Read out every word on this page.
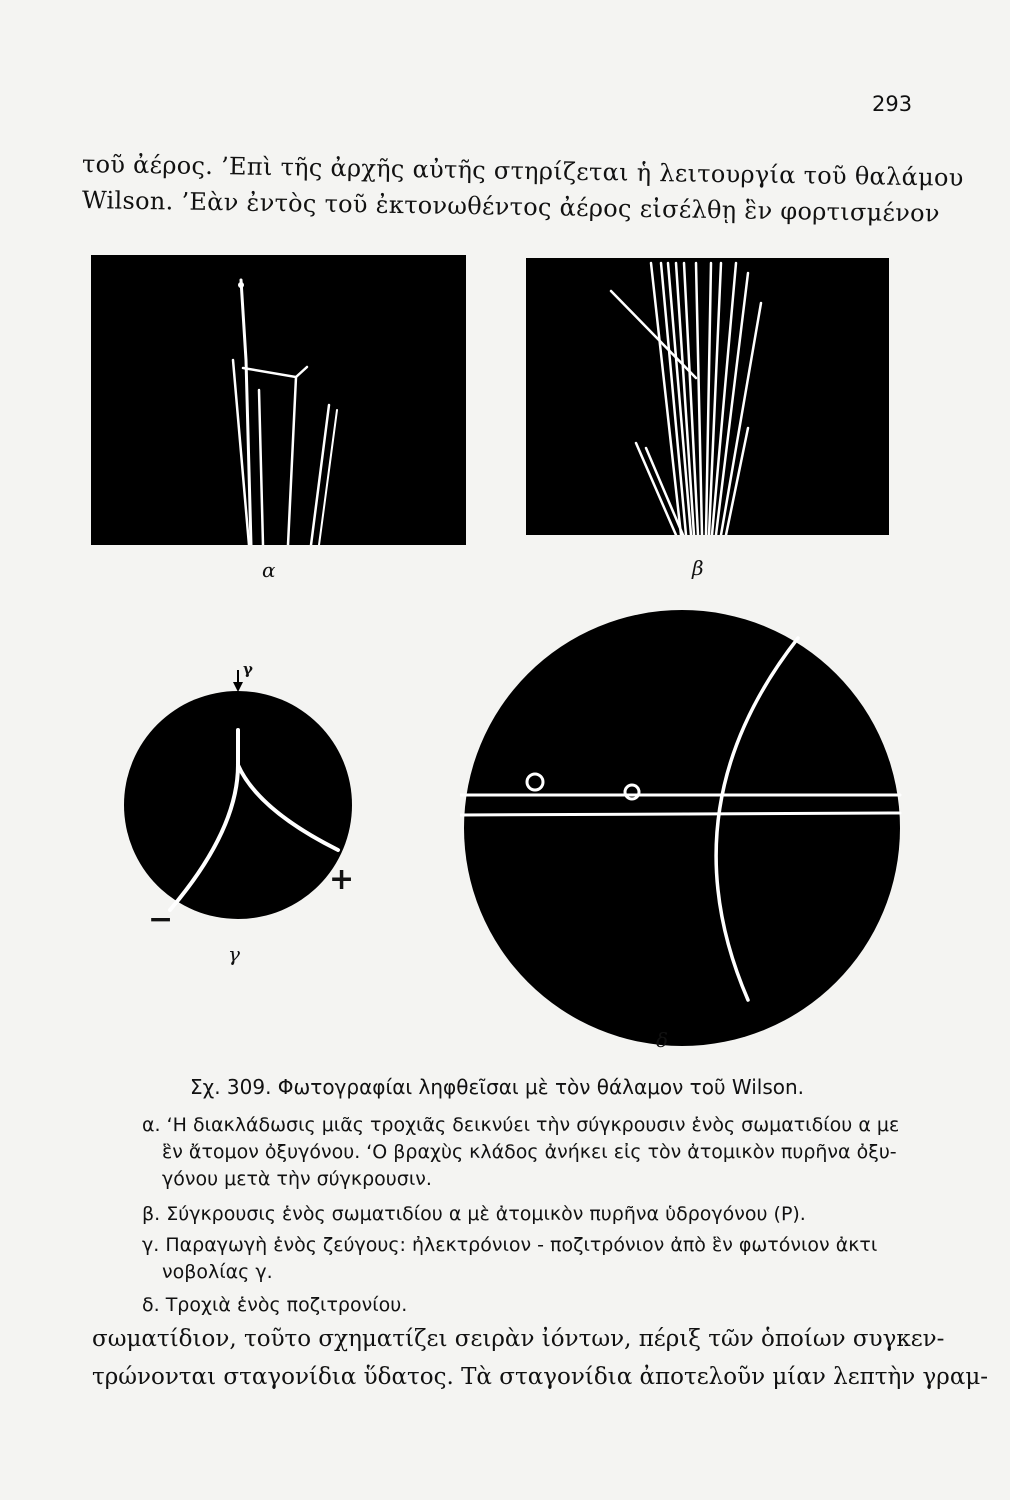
293
τοῦ ἀέρος. ’Επὶ τῆς ἀρχῆς αὐτῆς στηρίζεται ἡ λειτουργία τοῦ θαλάμου
Wilson. ’Εὰν ἐντὸς τοῦ ἐκτονωθέντος ἀέρος εἰσέλθῃ ἓν φορτισμένον
α	β
γ
+
−
γ
δ
Σχ. 309. Φωτογραφίαι ληφθεῖσαι μὲ τὸν θάλαμον τοῦ Wilson.
α. ‘Η διακλάδωσις μιᾶς τροχιᾶς δεικνύει τὴν σύγκρουσιν ἑνὸς σωματιδίου α με
ἓν ἄτομον ὀξυγόνου. ‘Ο βραχὺς κλάδος ἀνήκει εἰς τὸν ἀτομικὸν πυρῆνα ὀξυ-
γόνου μετὰ τὴν σύγκρουσιν.
β. Σύγκρουσις ἑνὸς σωματιδίου α μὲ ἀτομικὸν πυρῆνα ὑδρογόνου (Ρ).
γ. Παραγωγὴ ἑνὸς ζεύγους: ἠλεκτρόνιον - ποζιτρόνιον ἀπὸ ἓν φωτόνιον ἀκτι
νοβολίας γ.
δ. Τροχιὰ ἑνὸς ποζιτρονίου.
σωματίδιον, τοῦτο σχηματίζει σειρὰν ἰόντων, πέριξ τῶν ὁποίων συγκεν-
τρώνονται σταγονίδια ὕδατος. Τὰ σταγονίδια ἀποτελοῦν μίαν λεπτὴν γραμ-
